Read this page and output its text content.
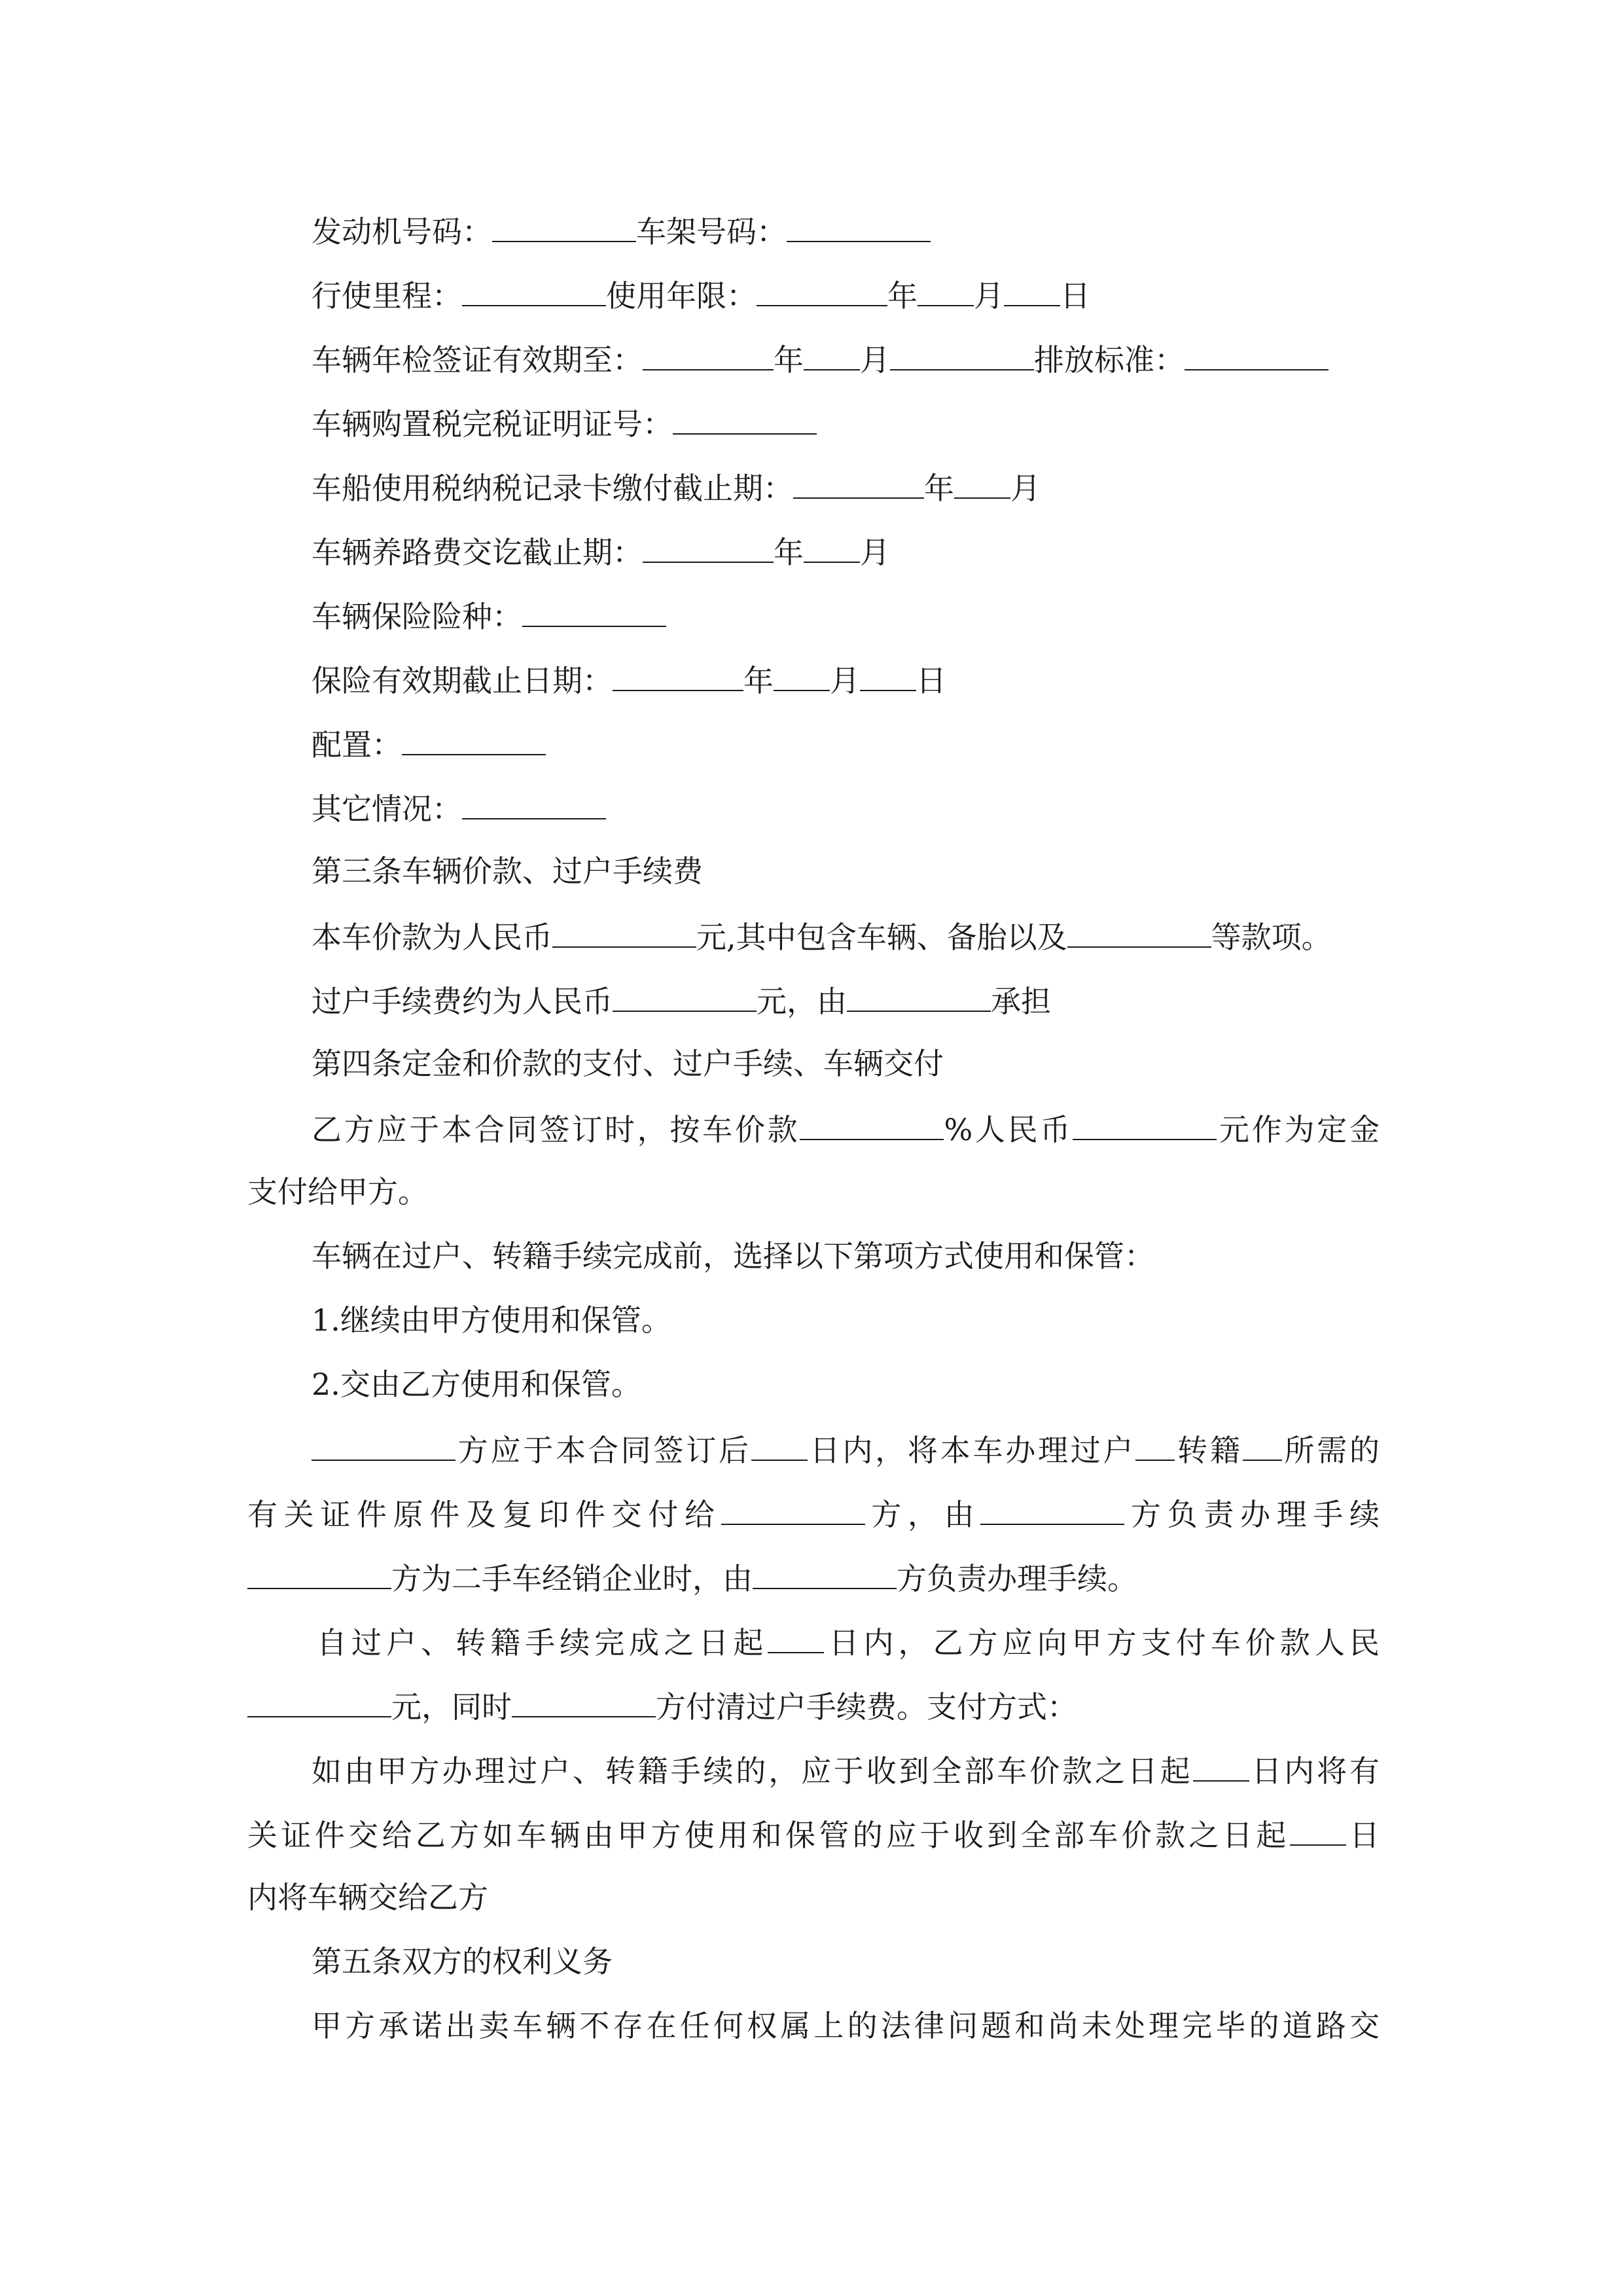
发动机号码：	车架号码：
行使里程：	使用年限：	年 月 日
车辆年检签证有效期至：	年 月	排放标准：
车辆购置税完税证明证号：
车船使用税纳税记录卡缴付截止期：	年 月
车辆养路费交讫截止期：	年 月
车辆保险险种：
保险有效期截止日期：	年 月 日
配置：
其它情况：
第三条车辆价款、过户手续费
本车价款为人民币	元,其中包含车辆、备胎以及	等款项。
过户手续费约为人民币	元，由	承担
第四条定金和价款的支付、过户手续、车辆交付
乙方应于本合同签订时，按车价款	%人民币	元作为定金
支付给甲方。
车辆在过户、转籍手续完成前，选择以下第项方式使用和保管：
1.继续由甲方使用和保管。
2.交由乙方使用和保管。
方应于本合同签订后 日内，将本车办理过户 转籍 所需的
有关证件原件及复印件交付给	方，由	方负责办理手续
方为二手车经销企业时，由	方负责办理手续。
自过户、转籍手续完成之日起 日内，乙方应向甲方支付车价款人民
元，同时	方付清过户手续费。支付方式：
如由甲方办理过户、转籍手续的，应于收到全部车价款之日起 日内将有
关证件交给乙方如车辆由甲方使用和保管的应于收到全部车价款之日起 日
内将车辆交给乙方
第五条双方的权利义务
甲方承诺出卖车辆不存在任何权属上的法律问题和尚未处理完毕的道路交
